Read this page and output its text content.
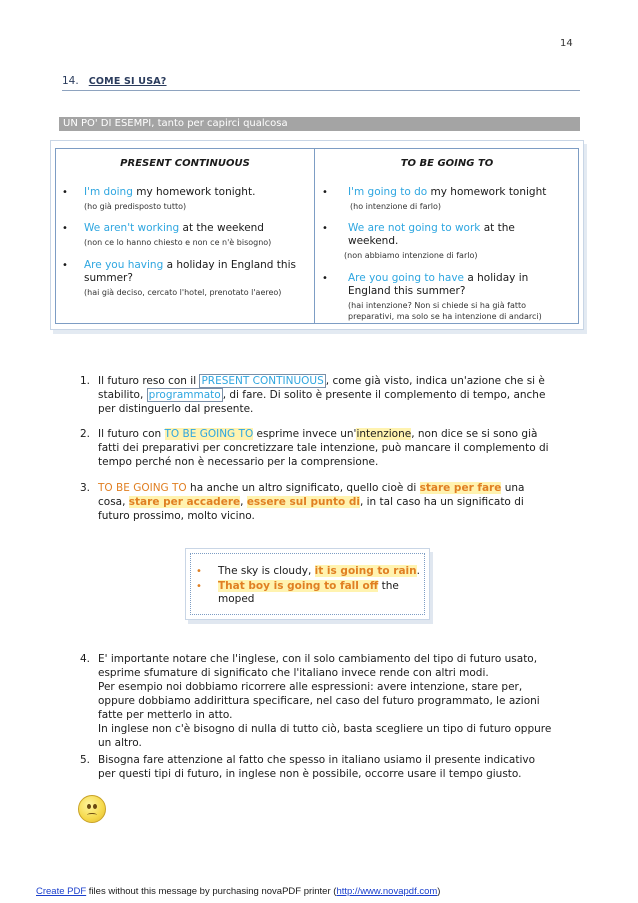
14
14. COME SI USA?
UN PO' DI ESEMPI, tanto per capirci qualcosa
PRESENT CONTINUOUS
• I'm doing my homework tonight.
(ho già predisposto tutto)
• We aren't working at the weekend
(non ce lo hanno chiesto e non ce n'è bisogno)
• Are you having a holiday in England this summer?
(hai già deciso, cercato l'hotel, prenotato l'aereo)
TO BE GOING TO
• I'm going to do my homework tonight
(ho intenzione di farlo)
• We are not going to work at the weekend.
(non abbiamo intenzione di farlo)
• Are you going to have a holiday in England this summer?
(hai intenzione? Non si chiede si ha già fatto preparativi, ma solo se ha intenzione di andarci)
1. Il futuro reso con il PRESENT CONTINUOUS , come già visto, indica un'azione che si è stabilito, programmato , di fare. Di solito è presente il complemento di tempo, anche per distinguerlo dal presente.
2. Il futuro con TO BE GOING TO esprime invece un'intenzione, non dice se si sono già fatti dei preparativi per concretizzare tale intenzione, può mancare il complemento di tempo perché non è necessario per la comprensione.
3. TO BE GOING TO ha anche un altro significato, quello cioè di stare per fare una cosa, stare per accadere, essere sul punto di, in tal caso ha un significato di futuro prossimo, molto vicino.
• The sky is cloudy, it is going to rain.
• That boy is going to fall off the moped
4. E' importante notare che l'inglese, con il solo cambiamento del tipo di futuro usato, esprime sfumature di significato che l'italiano invece rende con altri modi.
Per esempio noi dobbiamo ricorrere alle espressioni: avere intenzione, stare per, oppure dobbiamo addirittura specificare, nel caso del futuro programmato, le azioni fatte per metterlo in atto.
In inglese non c'è bisogno di nulla di tutto ciò, basta scegliere un tipo di futuro oppure un altro.
5. Bisogna fare attenzione al fatto che spesso in italiano usiamo il presente indicativo per questi tipi di futuro, in inglese non è possibile, occorre usare il tempo giusto.
Create PDF files without this message by purchasing novaPDF printer (http://www.novapdf.com)
